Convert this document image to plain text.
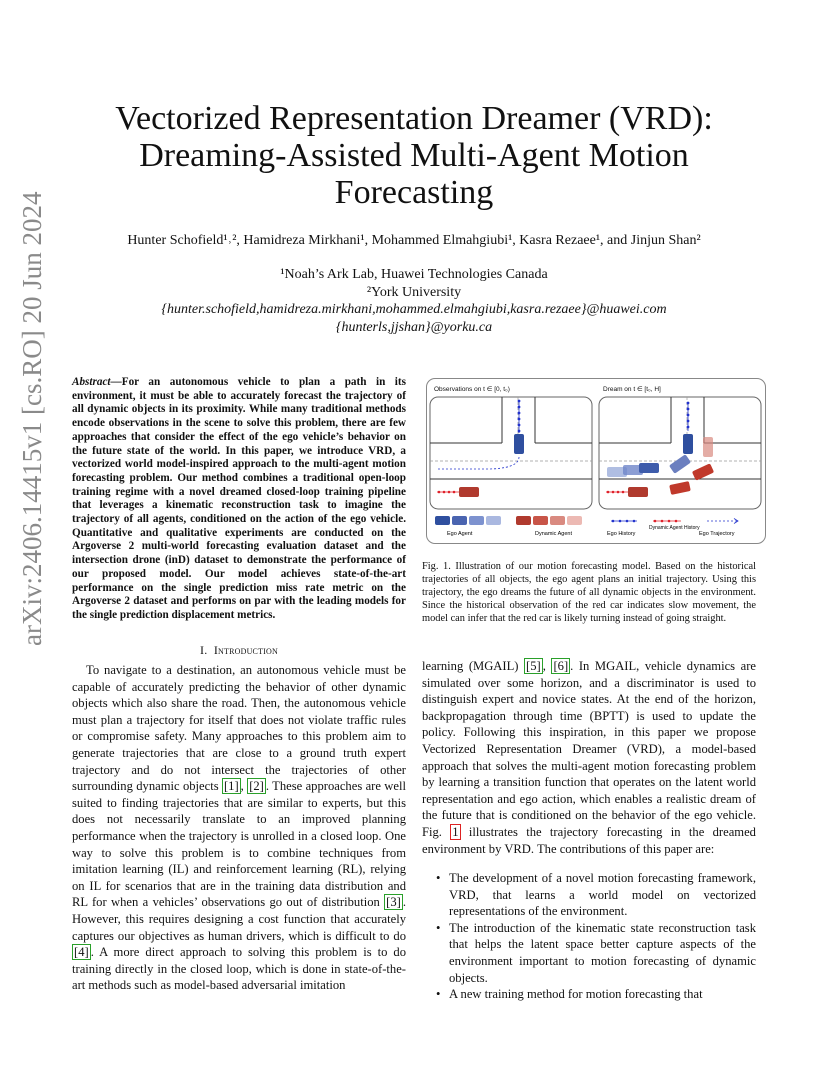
arXiv:2406.14415v1 [cs.RO] 20 Jun 2024
Vectorized Representation Dreamer (VRD): Dreaming-Assisted Multi-Agent Motion Forecasting
Hunter Schofield¹˒², Hamidreza Mirkhani¹, Mohammed Elmahgiubi¹, Kasra Rezaee¹, and Jinjun Shan²
¹Noah’s Ark Lab, Huawei Technologies Canada
²York University
{hunter.schofield,hamidreza.mirkhani,mohammed.elmahgiubi,kasra.rezaee}@huawei.com
{hunterls,jjshan}@yorku.ca
Abstract—For an autonomous vehicle to plan a path in its environment, it must be able to accurately forecast the trajectory of all dynamic objects in its proximity. While many traditional methods encode observations in the scene to solve this problem, there are few approaches that consider the effect of the ego vehicle’s behavior on the future state of the world. In this paper, we introduce VRD, a vectorized world model-inspired approach to the multi-agent motion forecasting problem. Our method combines a traditional open-loop training regime with a novel dreamed closed-loop training pipeline that leverages a kinematic reconstruction task to imagine the trajectory of all agents, conditioned on the action of the ego vehicle. Quantitative and qualitative experiments are conducted on the Argoverse 2 multi-world forecasting evaluation dataset and the intersection drone (inD) dataset to demonstrate the performance of our proposed model. Our model achieves state-of-the-art performance on the single prediction miss rate metric on the Argoverse 2 dataset and performs on par with the leading models for the single prediction displacement metrics.
I. Introduction
To navigate to a destination, an autonomous vehicle must be capable of accurately predicting the behavior of other dynamic objects which also share the road. Then, the autonomous vehicle must plan a trajectory for itself that does not violate traffic rules or compromise safety. Many approaches to this problem aim to generate trajectories that are close to a ground truth expert trajectory and do not intersect the trajectories of other surrounding dynamic objects [1] , [2] . These approaches are well suited to finding trajectories that are similar to experts, but this does not necessarily translate to an improved planning performance when the trajectory is unrolled in a closed loop. One way to solve this problem is to combine techniques from imitation learning (IL) and reinforcement learning (RL), relying on IL for scenarios that are in the training data distribution and RL for when a vehicles’ observations go out of distribution [3] . However, this requires designing a cost function that accurately captures our objectives as human drivers, which is difficult to do [4] . A more direct approach to solving this problem is to do training directly in the closed loop, which is done in state-of-the-art methods such as model-based adversarial imitation
learning (MGAIL) [5] , [6] . In MGAIL, vehicle dynamics are simulated over some horizon, and a discriminator is used to distinguish expert and novice states. At the end of the horizon, backpropagation through time (BPTT) is used to update the policy. Following this inspiration, in this paper we propose Vectorized Representation Dreamer (VRD), a model-based approach that solves the multi-agent motion forecasting problem by learning a transition function that operates on the latent world representation and ego action, which enables a realistic dream of the future that is conditioned on the behavior of the ego vehicle. Fig. 1 illustrates the trajectory forecasting in the dreamed environment by VRD. The contributions of this paper are:
• The development of a novel motion forecasting framework, VRD, that learns a world model on vectorized representations of the environment.
• The introduction of the kinematic state reconstruction task that helps the latent space better capture aspects of the environment important to motion forecasting of dynamic objects.
• A new training method for motion forecasting that
Observations on t ∈ [0, t₀)	Dream on t ∈ [t₀, H]
Ego Agent	Dynamic Agent	Ego History
Dynamic Agent History
Ego Trajectory
Fig. 1. Illustration of our motion forecasting model. Based on the historical trajectories of all objects, the ego agent plans an initial trajectory. Using this trajectory, the ego dreams the future of all dynamic objects in the environment. Since the historical observation of the red car indicates slow movement, the model can infer that the red car is likely turning instead of going straight.
